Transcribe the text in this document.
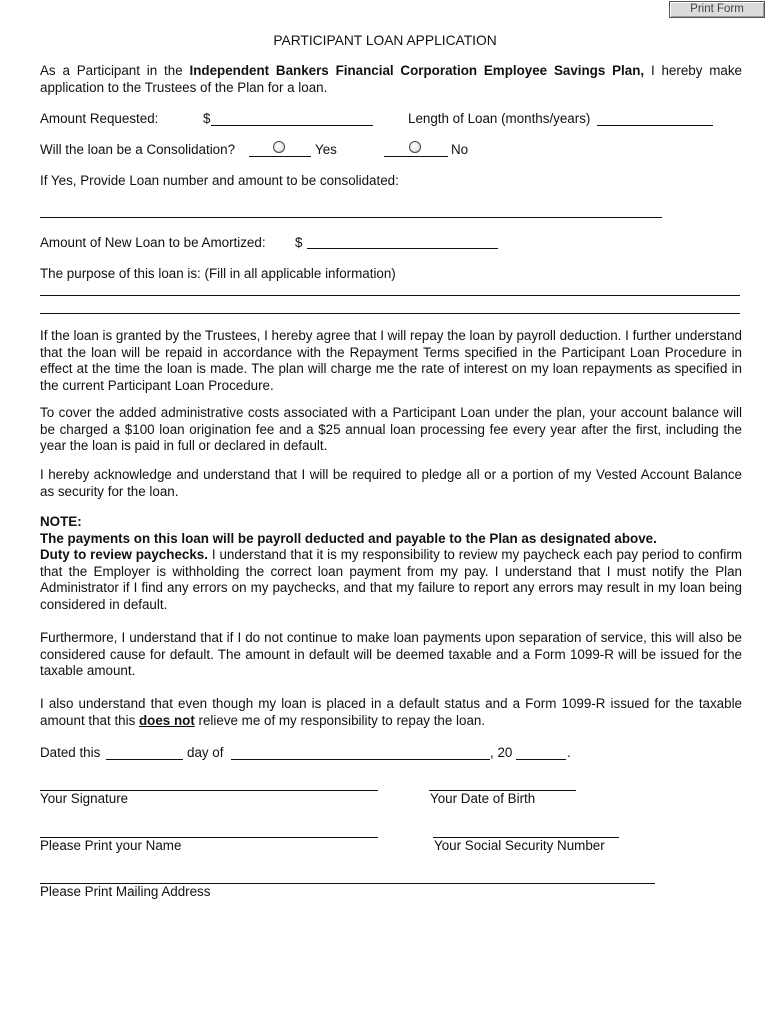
Print Form
PARTICIPANT LOAN APPLICATION

As a Participant in the Independent Bankers Financial Corporation Employee Savings Plan, I hereby make application to the Trustees of the Plan for a loan.

Amount Requested:	$	Length of Loan (months/years)
Will the loan be a Consolidation?	Yes	No
If Yes, Provide Loan number and amount to be consolidated:
Amount of New Loan to be Amortized: $
The purpose of this loan is: (Fill in all applicable information)

If the loan is granted by the Trustees, I hereby agree that I will repay the loan by payroll deduction. I further understand that the loan will be repaid in accordance with the Repayment Terms specified in the Participant Loan Procedure in effect at the time the loan is made. The plan will charge me the rate of interest on my loan repayments as specified in the current Participant Loan Procedure.

To cover the added administrative costs associated with a Participant Loan under the plan, your account balance will be charged a $100 loan origination fee and a $25 annual loan processing fee every year after the first, including the year the loan is paid in full or declared in default.

I hereby acknowledge and understand that I will be required to pledge all or a portion of my Vested Account Balance as security for the loan.

NOTE:

The payments on this loan will be payroll deducted and payable to the Plan as designated above.

Duty to review paychecks. I understand that it is my responsibility to review my paycheck each pay period to confirm that the Employer is withholding the correct loan payment from my pay. I understand that I must notify the Plan Administrator if I find any errors on my paychecks, and that my failure to report any errors may result in my loan being considered in default.

Furthermore, I understand that if I do not continue to make loan payments upon separation of service, this will also be considered cause for default. The amount in default will be deemed taxable and a Form 1099-R will be issued for the taxable amount.

I also understand that even though my loan is placed in a default status and a Form 1099-R issued for the taxable amount that this does not relieve me of my responsibility to repay the loan.

Dated this	day of	, 20	.
Your Signature	Your Date of Birth
Please Print your Name	Your Social Security Number
Please Print Mailing Address
